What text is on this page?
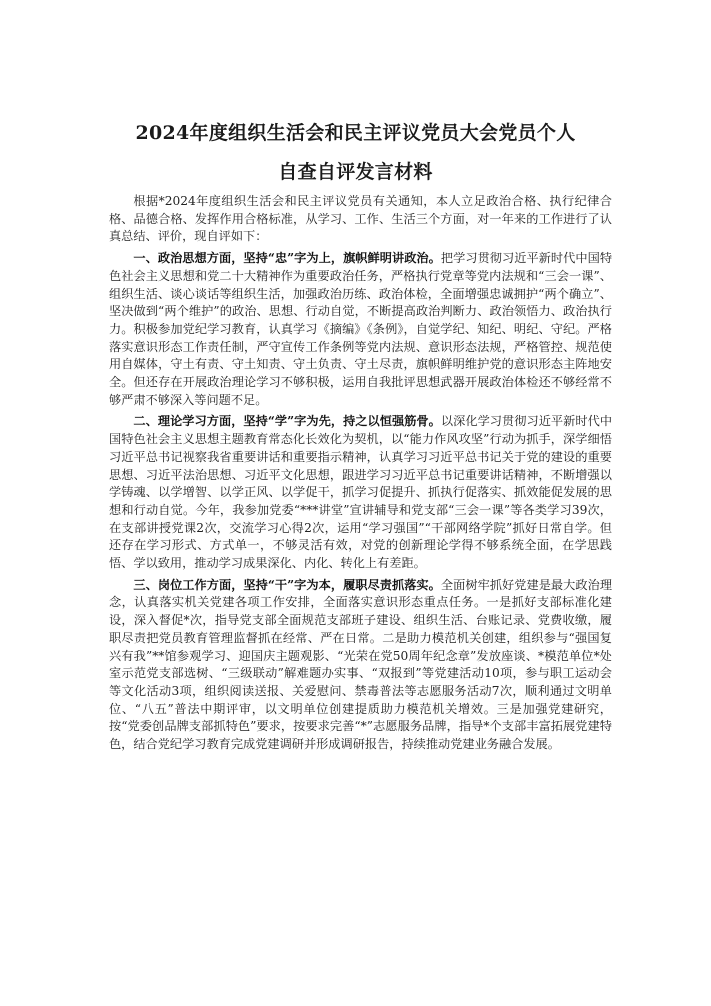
2024年度组织生活会和民主评议党员大会党员个人
自查自评发言材料

根据*2024年度组织生活会和民主评议党员有关通知，本人立足政治合格、执行纪律合格、品德合格、发挥作用合格标准，从学习、工作、生活三个方面，对一年来的工作进行了认真总结、评价，现自评如下：

一、政治思想方面，坚持“忠”字为上，旗帜鲜明讲政治。把学习贯彻习近平新时代中国特色社会主义思想和党二十大精神作为重要政治任务，严格执行党章等党内法规和“三会一课”、组织生活、谈心谈话等组织生活，加强政治历练、政治体检，全面增强忠诚拥护“两个确立”、坚决做到“两个维护”的政治、思想、行动自觉，不断提高政治判断力、政治领悟力、政治执行力。积极参加党纪学习教育，认真学习《摘编》《条例》，自觉学纪、知纪、明纪、守纪。严格落实意识形态工作责任制，严守宣传工作条例等党内法规、意识形态法规，严格管控、规范使用自媒体，守土有责、守土知责、守土负责、守土尽责，旗帜鲜明维护党的意识形态主阵地安全。但还存在开展政治理论学习不够积极，运用自我批评思想武器开展政治体检还不够经常不够严肃不够深入等问题不足。

二、理论学习方面，坚持“学”字为先，持之以恒强筋骨。以深化学习贯彻习近平新时代中国特色社会主义思想主题教育常态化长效化为契机，以“能力作风攻坚”行动为抓手，深学细悟习近平总书记视察我省重要讲话和重要指示精神，认真学习习近平总书记关于党的建设的重要思想、习近平法治思想、习近平文化思想，跟进学习习近平总书记重要讲话精神，不断增强以学铸魂、以学增智、以学正风、以学促干，抓学习促提升、抓执行促落实、抓效能促发展的思想和行动自觉。今年，我参加党委“***讲堂”宣讲辅导和党支部“三会一课”等各类学习39次，在支部讲授党课2次，交流学习心得2次，运用“学习强国”“干部网络学院”抓好日常自学。但还存在学习形式、方式单一，不够灵活有效，对党的创新理论学得不够系统全面，在学思践悟、学以致用，推动学习成果深化、内化、转化上有差距。

三、岗位工作方面，坚持“干”字为本，履职尽责抓落实。全面树牢抓好党建是最大政治理念，认真落实机关党建各项工作安排，全面落实意识形态重点任务。一是抓好支部标准化建设，深入督促*次，指导党支部全面规范支部班子建设、组织生活、台账记录、党费收缴，履职尽责把党员教育管理监督抓在经常、严在日常。二是助力模范机关创建，组织参与“强国复兴有我”**馆参观学习、迎国庆主题观影、“光荣在党50周年纪念章”发放座谈、*模范单位*处室示范党支部选树、“三级联动”解难题办实事、“双报到”等党建活动10项，参与职工运动会等文化活动3项，组织阅读送报、关爱慰问、禁毒普法等志愿服务活动7次，顺利通过文明单位、“八五”普法中期评审，以文明单位创建提质助力模范机关增效。三是加强党建研究，按“党委创品牌支部抓特色”要求，按要求完善“*”志愿服务品牌，指导*个支部丰富拓展党建特色，结合党纪学习教育完成党建调研并形成调研报告，持续推动党建业务融合发展。
